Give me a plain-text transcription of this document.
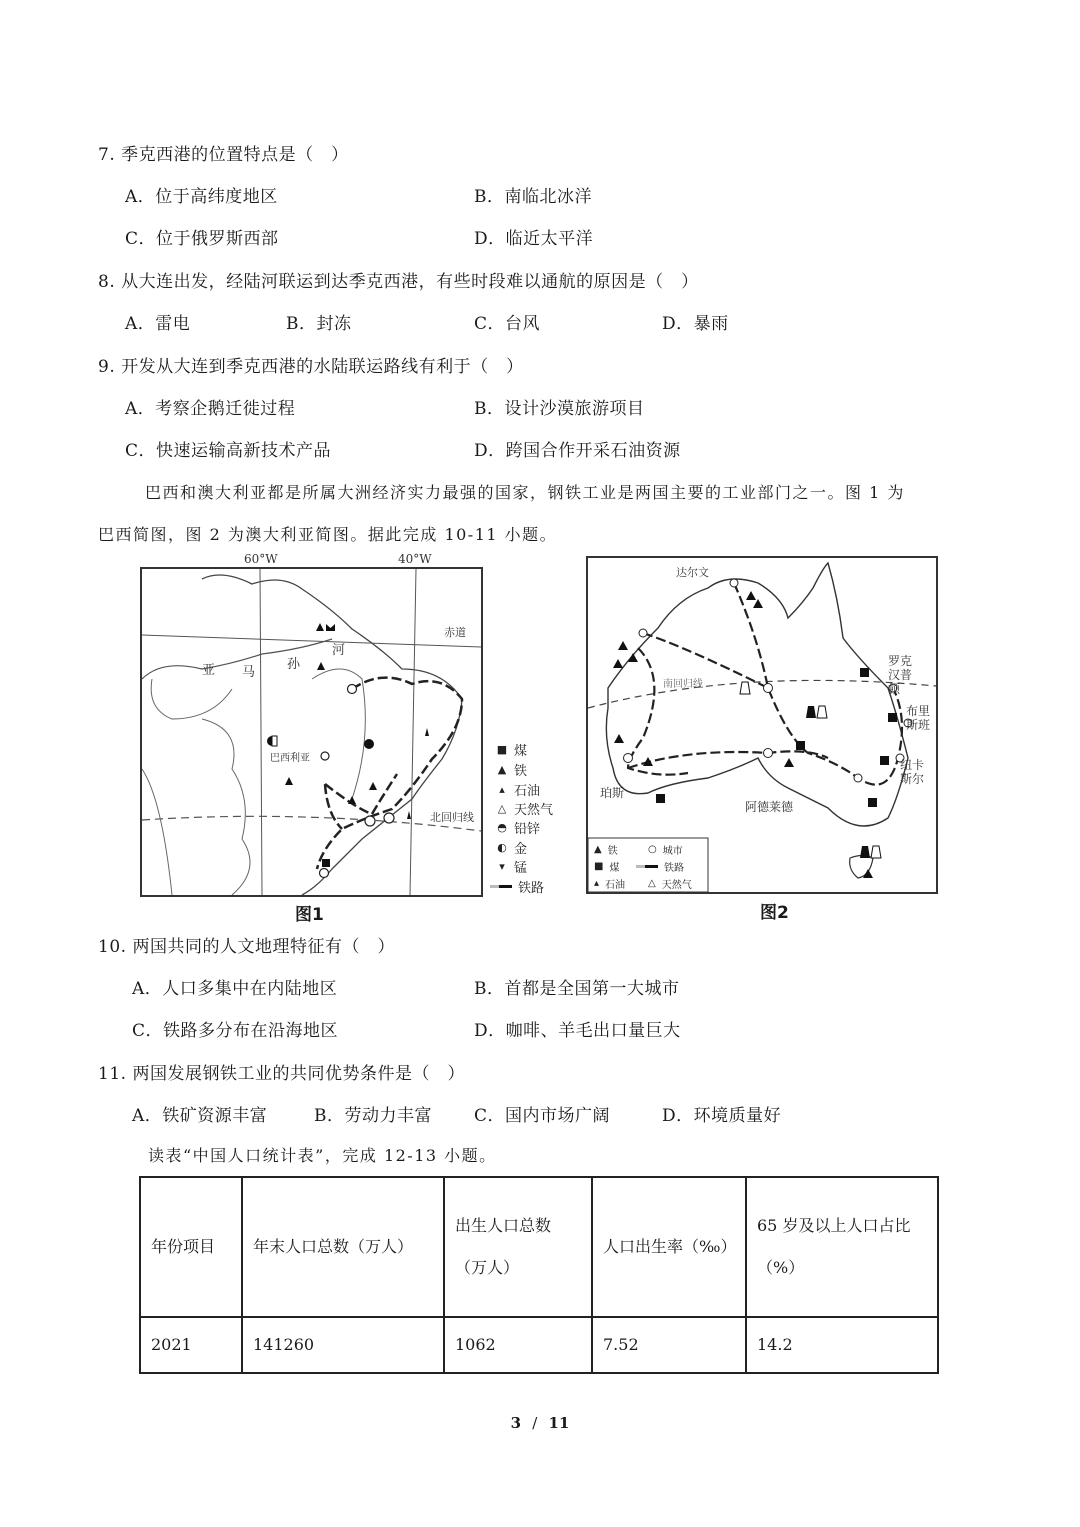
7. 季克西港的位置特点是（　）
A．位于高纬度地区	B．南临北冰洋
C．位于俄罗斯西部	D．临近太平洋
8. 从大连出发，经陆河联运到达季克西港，有些时段难以通航的原因是（　）
A．雷电	B．封冻	C．台风	D．暴雨
9. 开发从大连到季克西港的水陆联运路线有利于（　）
A．考察企鹅迁徙过程	B．设计沙漠旅游项目
C．快速运输高新技术产品	D．跨国合作开采石油资源
巴西和澳大利亚都是所属大洲经济实力最强的国家，钢铁工业是两国主要的工业部门之一。图 1 为
巴西简图，图 2 为澳大利亚简图。据此完成 10-11 小题。
60°W	40°W
赤道
北回归线
亚 马
孙
河
巴西利亚
■ 煤
▲ 铁
▴ 石油
△ 天然气
◓ 铅锌
◐ 金
▾ 锰
铁路
图1
达尔文
罗克汉普顿
布里斯班
纽卡斯尔
珀斯
阿德莱德
南回归线
▲ 铁	○ 城市
■ 煤	铁路
▴ 石油 △ 天然气
图2
10. 两国共同的人文地理特征有（　）
A．人口多集中在内陆地区	B．首都是全国第一大城市
C．铁路多分布在沿海地区	D．咖啡、羊毛出口量巨大
11. 两国发展钢铁工业的共同优势条件是（　）
A．铁矿资源丰富	B．劳动力丰富 C．国内市场广阔	D．环境质量好
读表“中国人口统计表”，完成 12-13 小题。
年份项目	年末人口总数（万人）	出生人口总数（万人）	人口出生率（‰）	65 岁及以上人口占比（%）
2021	141260	1062	7.52	14.2
3 / 11
